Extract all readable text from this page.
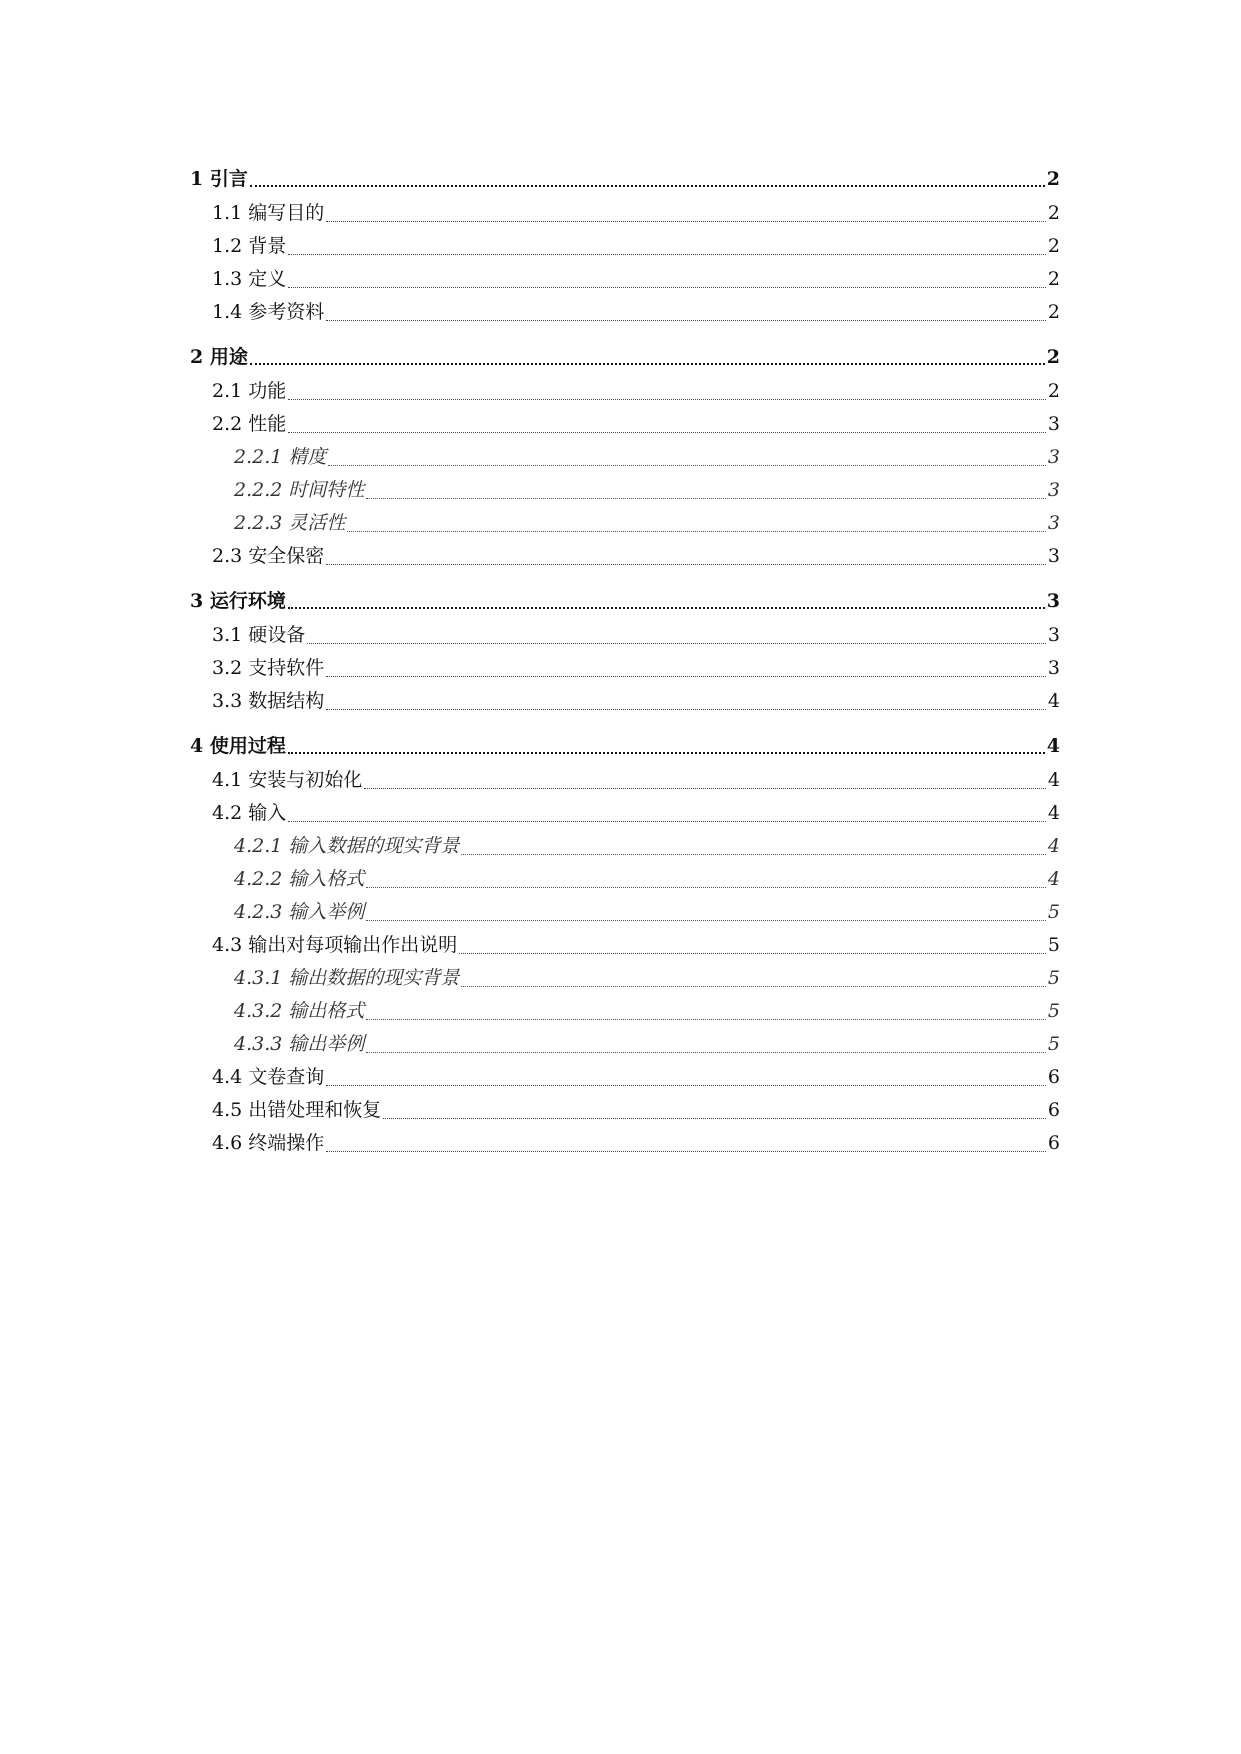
1 引言	2
1.1 编写目的	2
1.2 背景	2
1.3 定义	2
1.4 参考资料	2
2 用途	2
2.1 功能	2
2.2 性能	3
2.2.1 精度	3
2.2.2 时间特性	3
2.2.3 灵活性	3
2.3 安全保密	3
3 运行环境	3
3.1 硬设备	3
3.2 支持软件	3
3.3 数据结构	4
4 使用过程	4
4.1 安装与初始化	4
4.2 输入	4
4.2.1 输入数据的现实背景	4
4.2.2 输入格式	4
4.2.3 输入举例	5
4.3 输出对每项输出作出说明	5
4.3.1 输出数据的现实背景	5
4.3.2 输出格式	5
4.3.3 输出举例	5
4.4 文卷查询	6
4.5 出错处理和恢复	6
4.6 终端操作	6
